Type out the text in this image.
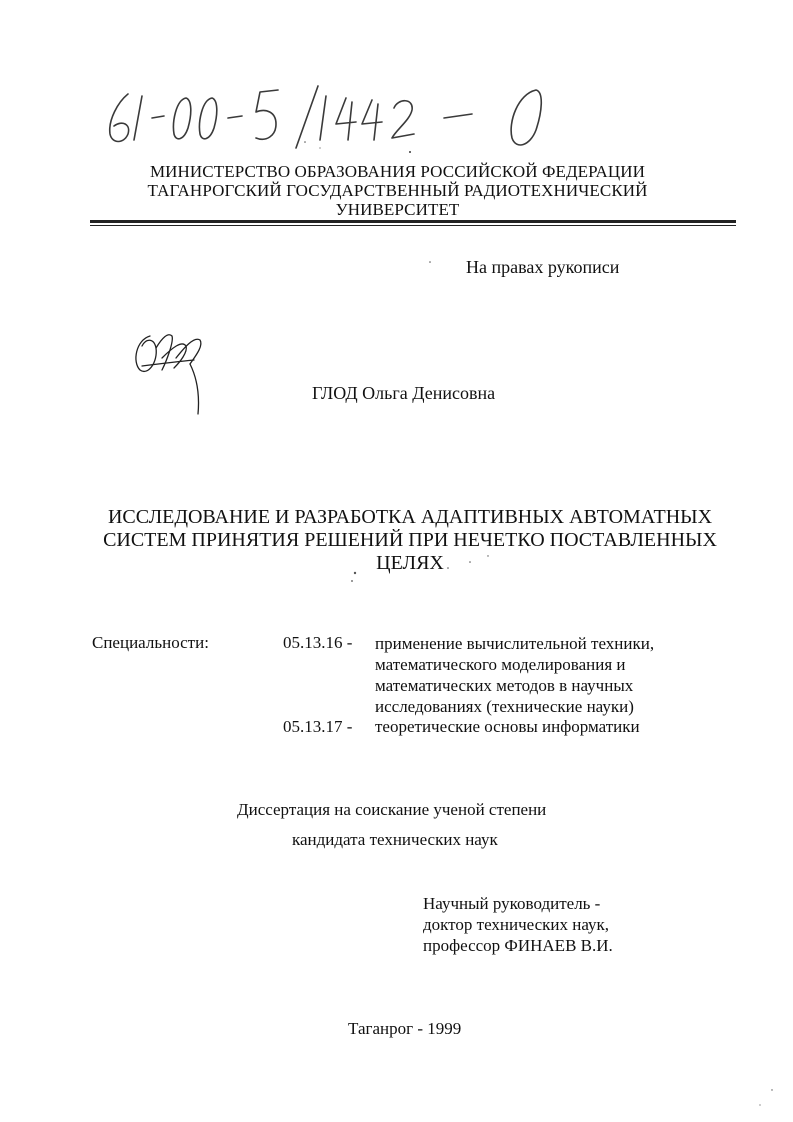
МИНИСТЕРСТВО ОБРАЗОВАНИЯ РОССИЙСКОЙ ФЕДЕРАЦИИ
ТАГАНРОГСКИЙ ГОСУДАРСТВЕННЫЙ РАДИОТЕХНИЧЕСКИЙ
УНИВЕРСИТЕТ
На правах рукописи
ГЛОД Ольга Денисовна
ИССЛЕДОВАНИЕ И РАЗРАБОТКА АДАПТИВНЫХ АВТОМАТНЫХ
СИСТЕМ ПРИНЯТИЯ РЕШЕНИЙ ПРИ НЕЧЕТКО ПОСТАВЛЕННЫХ
ЦЕЛЯХ
Специальности:	05.13.16 - применение вычислительной техники,
математического моделирования и
математических методов в научных
исследованиях (технические науки)
05.13.17 - теоретические основы информатики
Диссертация на соискание ученой степени
кандидата технических наук
Научный руководитель -
доктор технических наук,
профессор ФИНАЕВ В.И.
Таганрог - 1999
